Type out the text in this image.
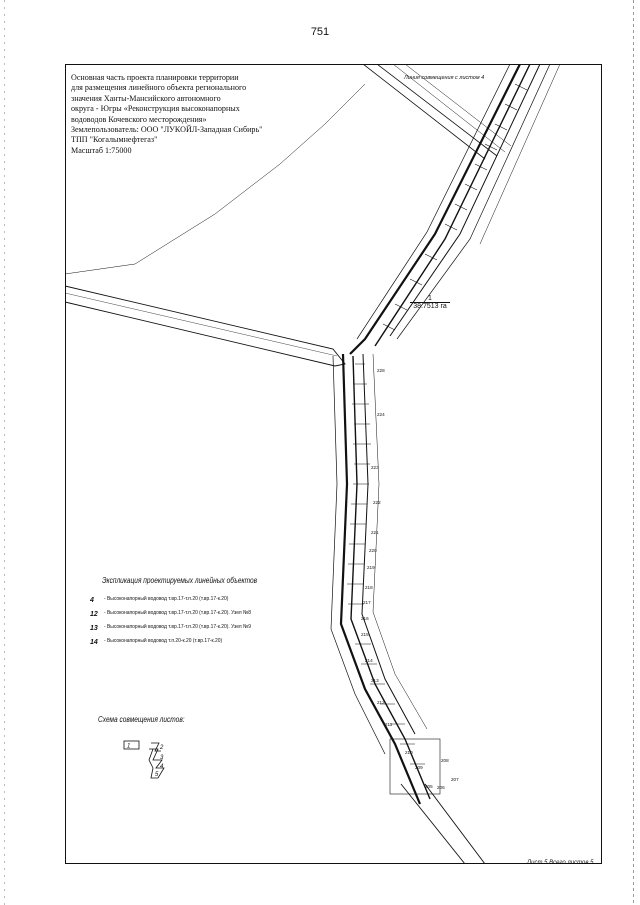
751
228
224
223
222
221
220
219
218
217
216
215
214
213
212
211
210
209
208
207
206
205
Основная часть проекта планировки территории
для размещения линейного объекта регионального
значения Ханты-Мансийского автономного
округа - Югры «Реконструкция высоконапорных
водоводов Кочевского месторождения»
Землепользователь: ООО "ЛУКОЙЛ-Западная Сибирь"
ТПП "Когалымнефтегаз"
Масштаб 1:75000
Линия совмещения с листом 4
1
38.7513 га
Экспликация проектируемых линейных объектов
4 - Высоконапорный водовод т.вр.17-т.п.20 (т.вр.17-к.20)
12 - Высоконапорный водовод т.вр.17-т.п.20 (т.вр.17-к.20). Узел №8
13 - Высоконапорный водовод т.вр.17-т.п.20 (т.вр.17-к.20). Узел №9
14 - Высоконапорный водовод т.п.20-к.20 (т.вр.17-к.20)
Схема совмещения листов:
1	2
3
4
5
Лист 5 Всего листов 5
